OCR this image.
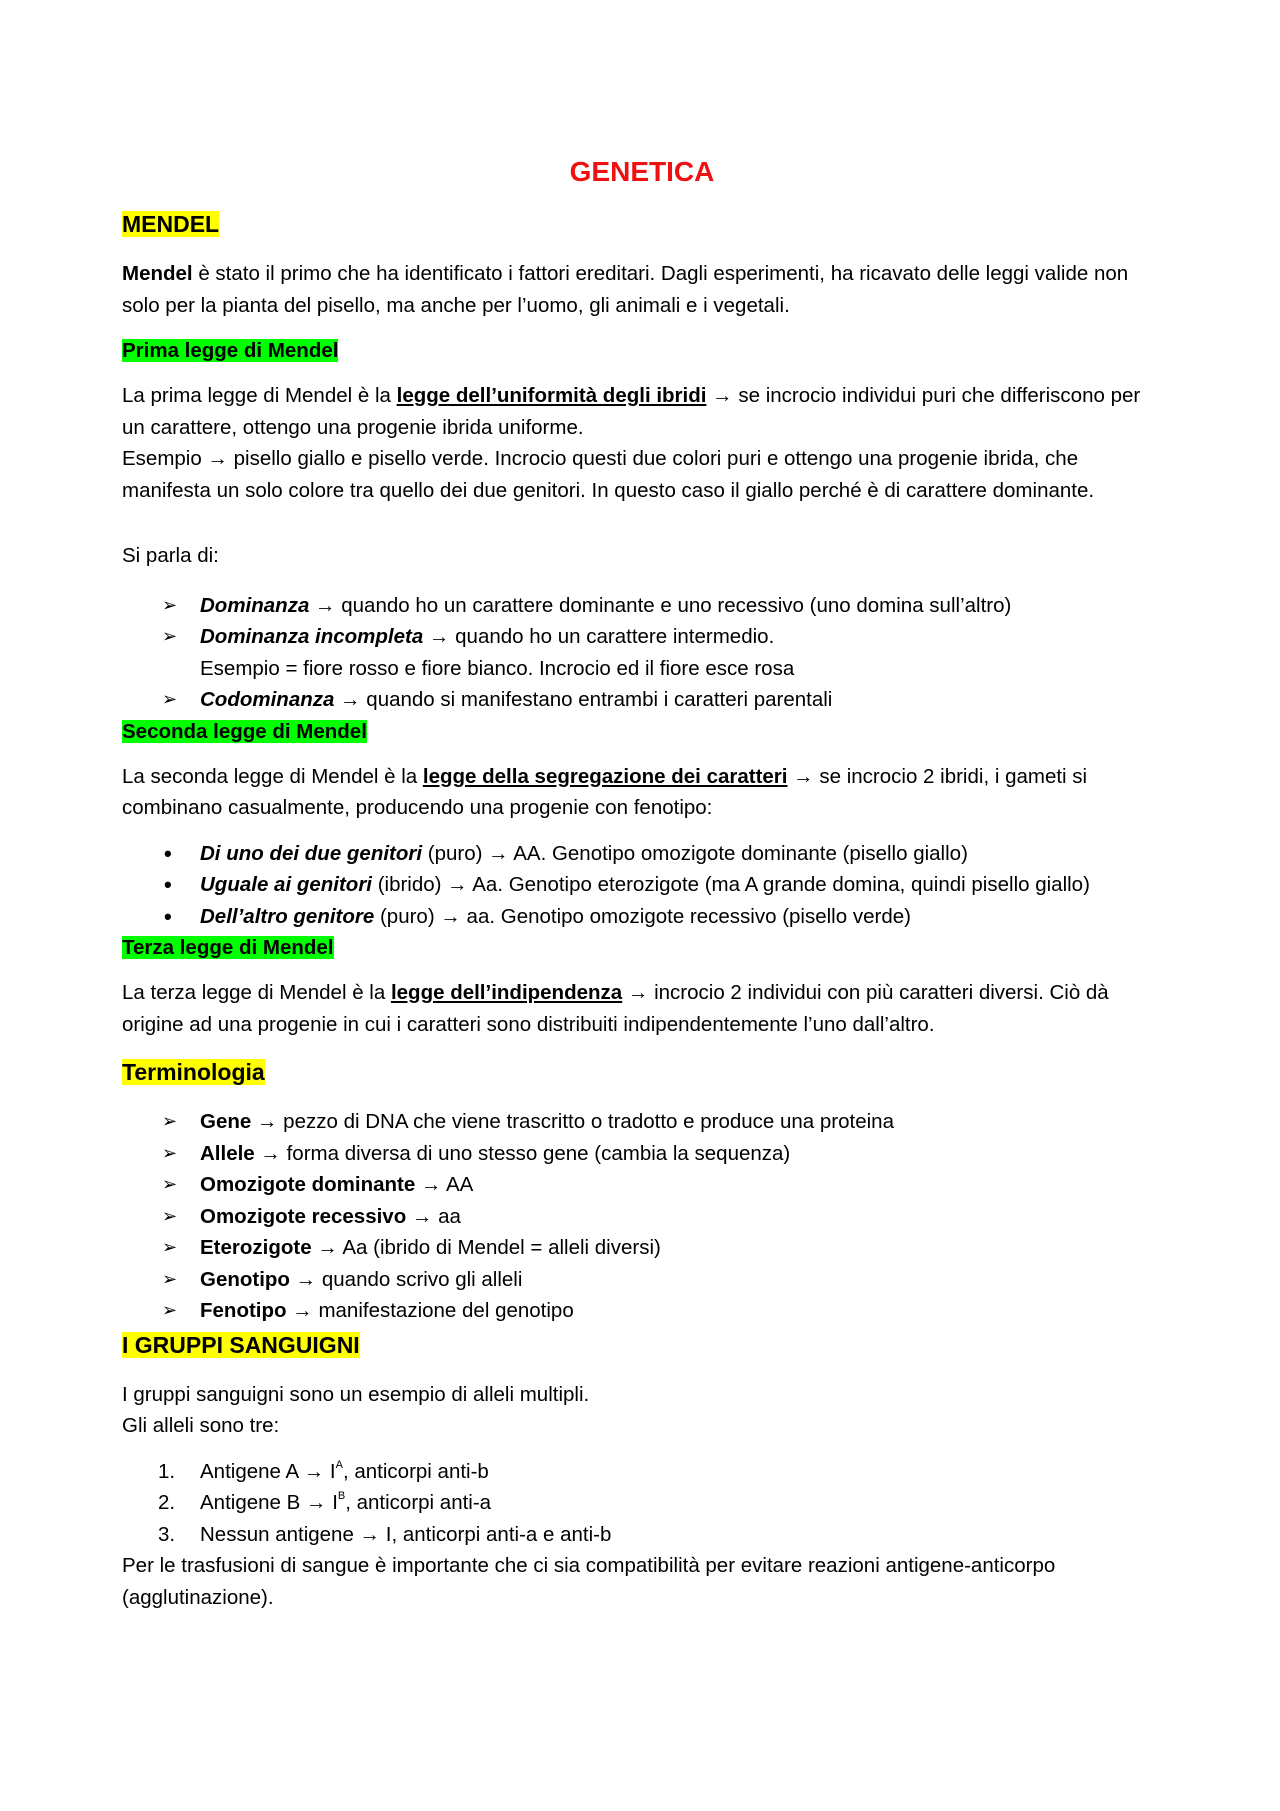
GENETICA

MENDEL

Mendel è stato il primo che ha identificato i fattori ereditari. Dagli esperimenti, ha ricavato delle leggi valide non solo per la pianta del pisello, ma anche per l’uomo, gli animali e i vegetali.

Prima legge di Mendel

La prima legge di Mendel è la legge dell’uniformità degli ibridi → se incrocio individui puri che differiscono per un carattere, ottengo una progenie ibrida uniforme.

Esempio → pisello giallo e pisello verde. Incrocio questi due colori puri e ottengo una progenie ibrida, che manifesta un solo colore tra quello dei due genitori. In questo caso il giallo perché è di carattere dominante.

Si parla di:

➢ Dominanza → quando ho un carattere dominante e uno recessivo (uno domina sull’altro)
➢ Dominanza incompleta → quando ho un carattere intermedio.
Esempio = fiore rosso e fiore bianco. Incrocio ed il fiore esce rosa
➢ Codominanza → quando si manifestano entrambi i caratteri parentali

Seconda legge di Mendel

La seconda legge di Mendel è la legge della segregazione dei caratteri → se incrocio 2 ibridi, i gameti si combinano casualmente, producendo una progenie con fenotipo:

• Di uno dei due genitori (puro) → AA. Genotipo omozigote dominante (pisello giallo)
• Uguale ai genitori (ibrido) → Aa. Genotipo eterozigote (ma A grande domina, quindi pisello giallo)
• Dell’altro genitore (puro) → aa. Genotipo omozigote recessivo (pisello verde)

Terza legge di Mendel

La terza legge di Mendel è la legge dell’indipendenza → incrocio 2 individui con più caratteri diversi. Ciò dà origine ad una progenie in cui i caratteri sono distribuiti indipendentemente l’uno dall’altro.

Terminologia

➢ Gene → pezzo di DNA che viene trascritto o tradotto e produce una proteina
➢ Allele → forma diversa di uno stesso gene (cambia la sequenza)
➢ Omozigote dominante → AA
➢ Omozigote recessivo → aa
➢ Eterozigote → Aa (ibrido di Mendel = alleli diversi)
➢ Genotipo → quando scrivo gli alleli
➢ Fenotipo → manifestazione del genotipo

I GRUPPI SANGUIGNI

I gruppi sanguigni sono un esempio di alleli multipli.

Gli alleli sono tre:

1. Antigene $A \to I^A$, anticorpi anti-b
2. Antigene $B \to I^B$, anticorpi anti-a
3. Nessun antigene → I, anticorpi anti-a e anti-b

Per le trasfusioni di sangue è importante che ci sia compatibilità per evitare reazioni antigene-anticorpo (agglutinazione).
